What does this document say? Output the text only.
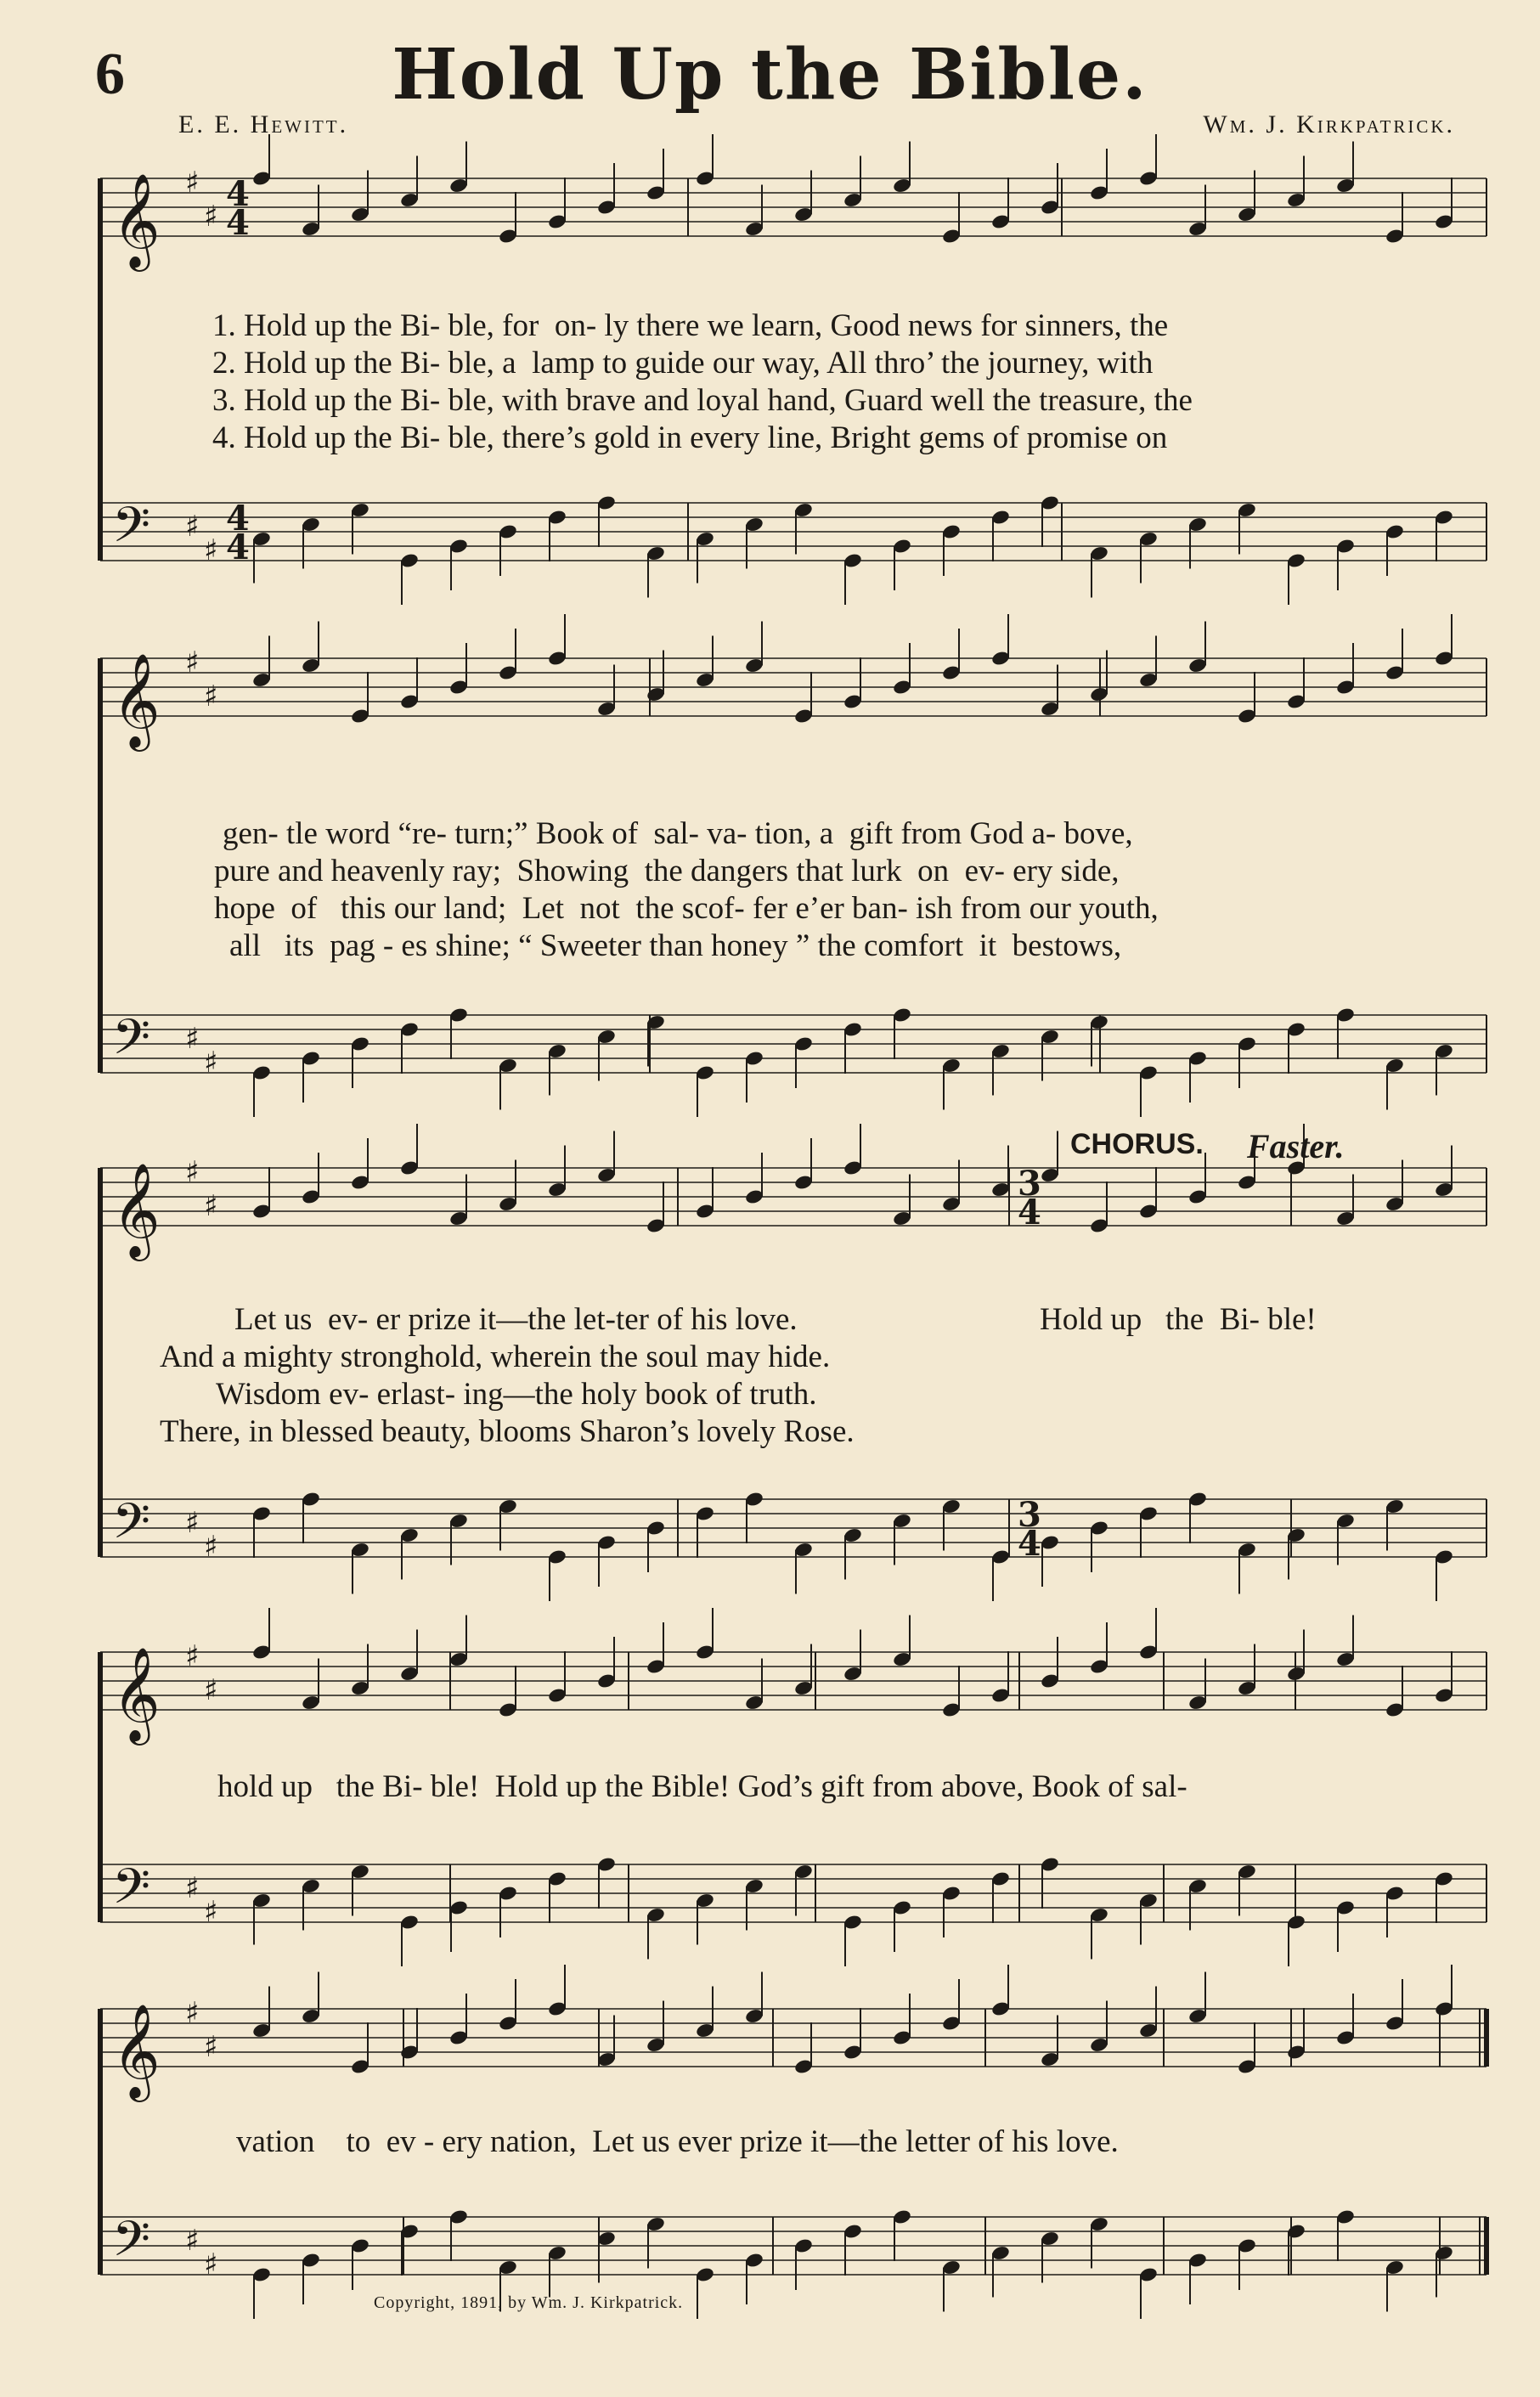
6	Hold Up the Bible.
E. E. Hewitt.	Wm. J. Kirkpatrick.
𝄞 ♯
♯
4
4
𝄢 ♯
♯
4
4
𝄞 ♯
♯
𝄢 ♯
♯
𝄞 ♯
♯
3
4
𝄢 ♯
♯
3
4
𝄞 ♯
♯
𝄢 ♯
♯
𝄞 ♯
♯
𝄢 ♯
♯
1. Hold up the Bi- ble, for  on- ly there we learn, Good news for sinners, the
2. Hold up the Bi- ble, a  lamp to guide our way, All thro’ the journey, with
3. Hold up the Bi- ble, with brave and loyal hand, Guard well the treasure, the
4. Hold up the Bi- ble, there’s gold in every line, Bright gems of promise on
gen- tle word “re- turn;” Book of  sal- va- tion, a  gift from God a- bove,
pure and heavenly ray;  Showing  the dangers that lurk  on  ev- ery side,
hope  of   this our land;  Let  not  the scof- fer e’er ban- ish from our youth,
all   its  pag - es shine; “ Sweeter than honey ” the comfort  it  bestows,
CHORUS. Faster.
Let us  ev- er prize it—the let-ter of his love.
And a mighty stronghold, wherein the soul may hide.
Wisdom ev- erlast- ing—the holy book of truth.
There, in blessed beauty, blooms Sharon’s lovely Rose.
Hold up   the  Bi- ble!
hold up   the Bi- ble!  Hold up the Bible! God’s gift from above, Book of sal-
vation    to  ev - ery nation,  Let us ever prize it—the letter of his love.
Copyright, 1891, by Wm. J. Kirkpatrick.
